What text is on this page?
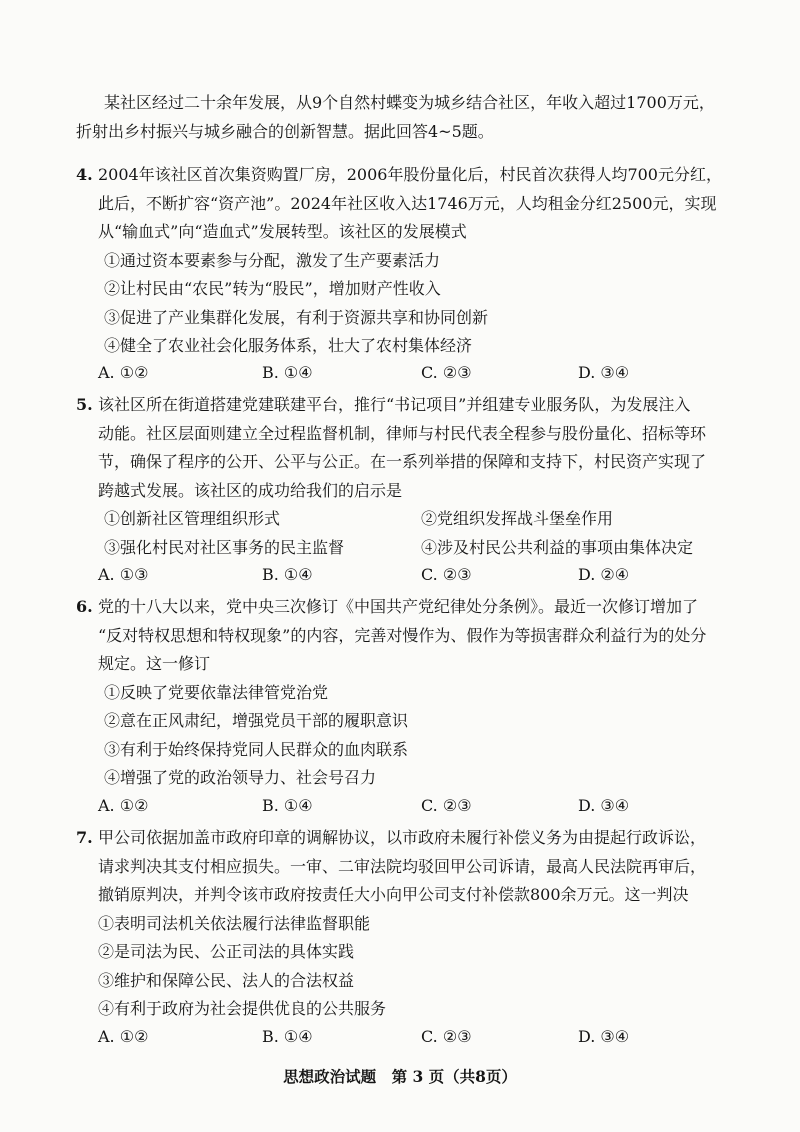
某社区经过二十余年发展，从9个自然村蝶变为城乡结合社区，年收入超过1700万元，
折射出乡村振兴与城乡融合的创新智慧。据此回答4~5题。
4. 2004年该社区首次集资购置厂房，2006年股份量化后，村民首次获得人均700元分红，
此后，不断扩容“资产池”。2024年社区收入达1746万元，人均租金分红2500元，实现
从“输血式”向“造血式”发展转型。该社区的发展模式
①通过资本要素参与分配，激发了生产要素活力
②让村民由“农民”转为“股民”，增加财产性收入
③促进了产业集群化发展，有利于资源共享和协同创新
④健全了农业社会化服务体系，壮大了农村集体经济
A. ①②	B. ①④	C. ②③	D. ③④
5. 该社区所在街道搭建党建联建平台，推行“书记项目”并组建专业服务队，为发展注入
动能。社区层面则建立全过程监督机制，律师与村民代表全程参与股份量化、招标等环
节，确保了程序的公开、公平与公正。在一系列举措的保障和支持下，村民资产实现了
跨越式发展。该社区的成功给我们的启示是
①创新社区管理组织形式	②党组织发挥战斗堡垒作用
③强化村民对社区事务的民主监督	④涉及村民公共利益的事项由集体决定
A. ①③	B. ①④	C. ②③	D. ②④
6. 党的十八大以来，党中央三次修订《中国共产党纪律处分条例》。最近一次修订增加了
“反对特权思想和特权现象”的内容，完善对慢作为、假作为等损害群众利益行为的处分
规定。这一修订
①反映了党要依靠法律管党治党
②意在正风肃纪，增强党员干部的履职意识
③有利于始终保持党同人民群众的血肉联系
④增强了党的政治领导力、社会号召力
A. ①②	B. ①④	C. ②③	D. ③④
7. 甲公司依据加盖市政府印章的调解协议，以市政府未履行补偿义务为由提起行政诉讼，
请求判决其支付相应损失。一审、二审法院均驳回甲公司诉请，最高人民法院再审后，
撤销原判决，并判令该市政府按责任大小向甲公司支付补偿款800余万元。这一判决
①表明司法机关依法履行法律监督职能
②是司法为民、公正司法的具体实践
③维护和保障公民、法人的合法权益
④有利于政府为社会提供优良的公共服务
A. ①②	B. ①④	C. ②③	D. ③④
思想政治试题　第 3 页（共8页）
